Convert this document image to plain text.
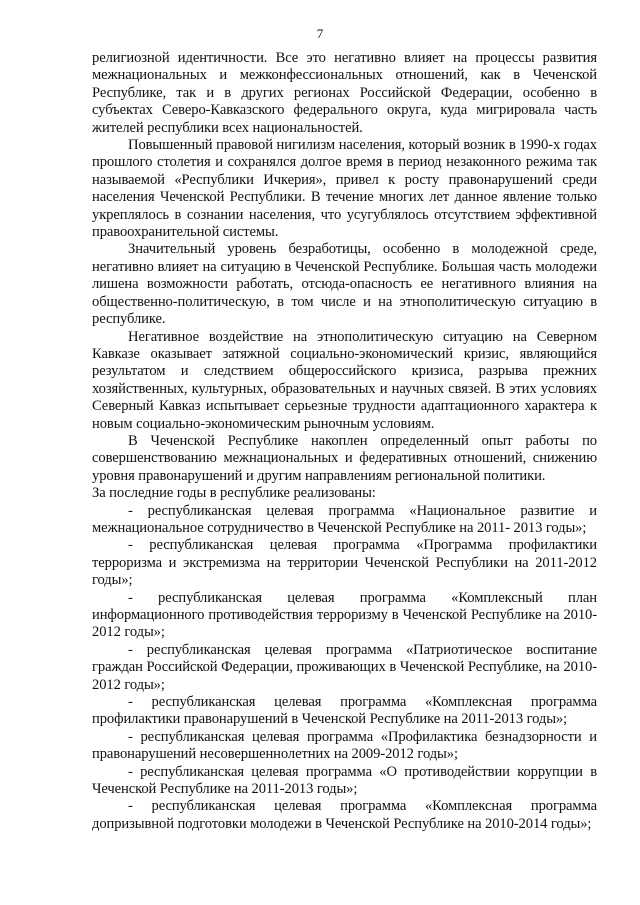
7

религиозной идентичности. Все это негативно влияет на процессы развития межнациональных и межконфессиональных отношений, как в Чеченской Республике, так и в других регионах Российской Федерации, особенно в субъектах Северо-Кавказского федерального округа, куда мигрировала часть жителей республики всех национальностей.

Повышенный правовой нигилизм населения, который возник в 1990-х годах прошлого столетия и сохранялся долгое время в период незаконного режима так называемой «Республики Ичкерия», привел к росту правонарушений среди населения Чеченской Республики. В течение многих лет данное явление только укреплялось в сознании населения, что усугублялось отсутствием эффективной правоохранительной системы.

Значительный уровень безработицы, особенно в молодежной среде, негативно влияет на ситуацию в Чеченской Республике. Большая часть молодежи лишена возможности работать, отсюда-опасность ее негативного влияния на общественно-политическую, в том числе и на этнополитическую ситуацию в республике.

Негативное воздействие на этнополитическую ситуацию на Северном Кавказе оказывает затяжной социально-экономический кризис, являющийся результатом и следствием общероссийского кризиса, разрыва прежних хозяйственных, культурных, образовательных и научных связей. В этих условиях Северный Кавказ испытывает серьезные трудности адаптационного характера к новым социально-экономическим рыночным условиям.

В Чеченской Республике накоплен определенный опыт работы по совершенствованию межнациональных и федеративных отношений, снижению уровня правонарушений и другим направлениям региональной политики.

За последние годы в республике реализованы:

- республиканская целевая программа «Национальное развитие и межнациональное сотрудничество в Чеченской Республике на 2011- 2013 годы»;

- республиканская целевая программа «Программа профилактики терроризма и экстремизма на территории Чеченской Республики на 2011-2012 годы»;

- республиканская целевая программа «Комплексный план информационного противодействия терроризму в Чеченской Республике на 2010-2012 годы»;

- республиканская целевая программа «Патриотическое воспитание граждан Российской Федерации, проживающих в Чеченской Республике, на 2010-2012 годы»;

- республиканская целевая программа «Комплексная программа профилактики правонарушений в Чеченской Республике на 2011-2013 годы»;

- республиканская целевая программа «Профилактика безнадзорности и правонарушений несовершеннолетних на 2009-2012 годы»;

- республиканская целевая программа «О противодействии коррупции в Чеченской Республике на 2011-2013 годы»;

- республиканская целевая программа «Комплексная программа допризывной подготовки молодежи в Чеченской Республике на 2010-2014 годы»;
